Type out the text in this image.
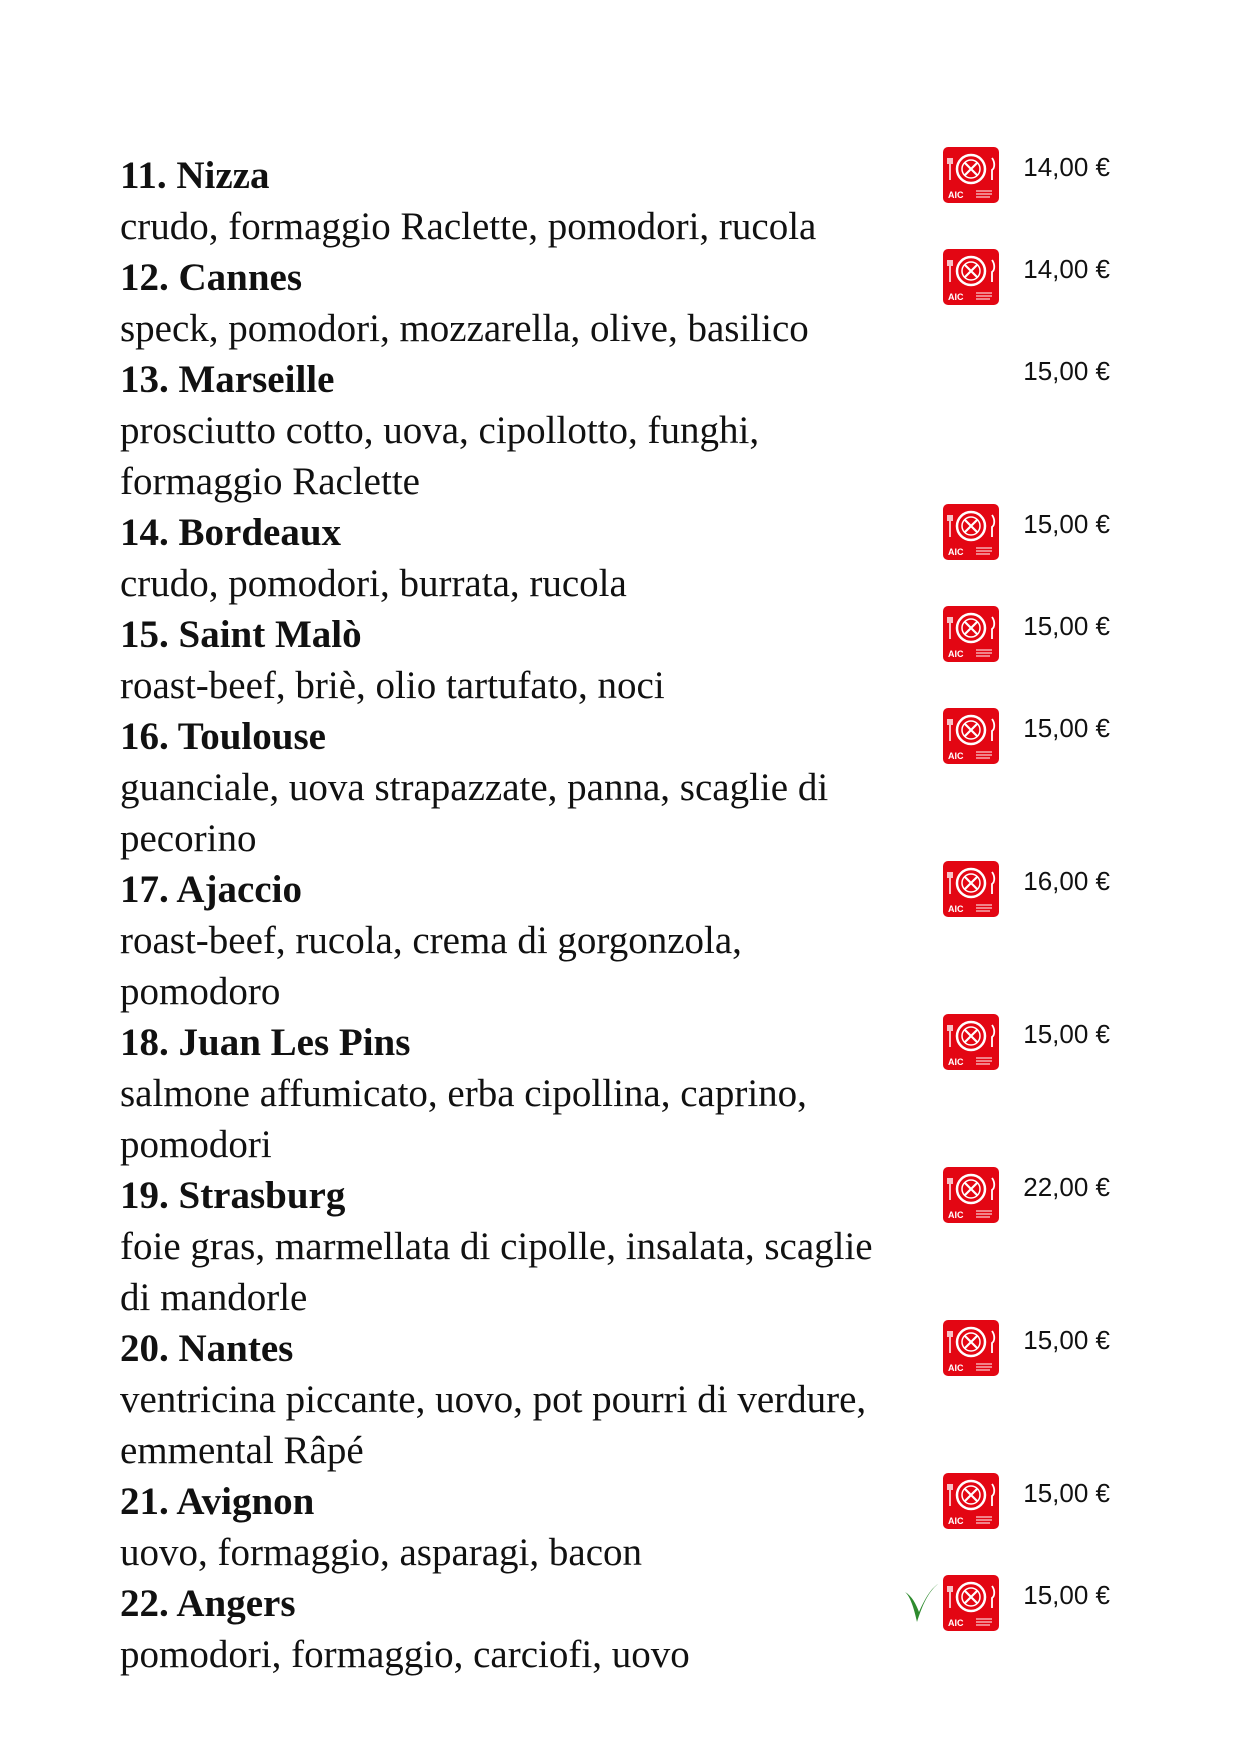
11. Nizza
crudo, formaggio Raclette, pomodori, rucola
AIC
14,00 €
12. Cannes
speck, pomodori, mozzarella, olive, basilico
AIC
14,00 €
13. Marseille
prosciutto cotto, uova, cipollotto, funghi,
formaggio Raclette
15,00 €
14. Bordeaux
crudo, pomodori, burrata, rucola
AIC
15,00 €
15. Saint Malò
roast-beef, briè, olio tartufato, noci
AIC
15,00 €
16. Toulouse
guanciale, uova strapazzate, panna, scaglie di
pecorino
AIC
15,00 €
17. Ajaccio
roast-beef, rucola, crema di gorgonzola,
pomodoro
AIC
16,00 €
18. Juan Les Pins
salmone affumicato, erba cipollina, caprino,
pomodori
AIC
15,00 €
19. Strasburg
foie gras, marmellata di cipolle, insalata, scaglie
di mandorle
AIC
22,00 €
20. Nantes
ventricina piccante, uovo, pot pourri di verdure,
emmental Râpé
AIC
15,00 €
21. Avignon
uovo, formaggio, asparagi, bacon
AIC
15,00 €
22. Angers
pomodori, formaggio, carciofi, uovo
AIC
15,00 €
